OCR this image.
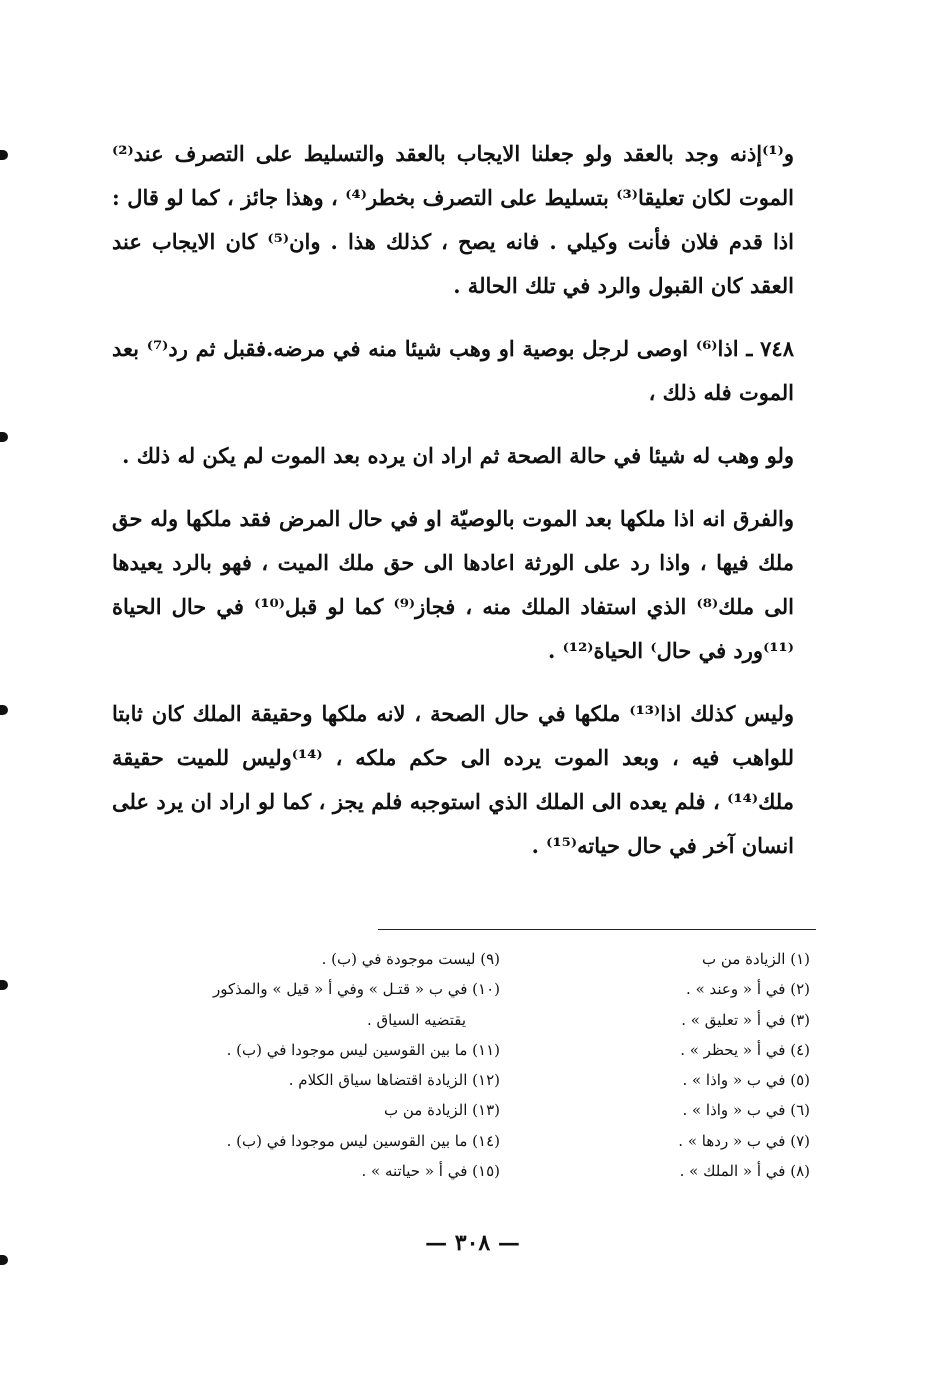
و⁽¹⁾إذنه وجد بالعقد ولو جعلنا الايجاب بالعقد والتسليط على التصرف عند⁽²⁾ الموت لكان تعليقا⁽³⁾ بتسليط على التصرف بخطر⁽⁴⁾ ، وهذا جائز ، كما لو قال : اذا قدم فلان فأنت وكيلي . فانه يصح ، كذلك هذا . وان⁽⁵⁾ كان الايجاب عند العقد كان القبول والرد في تلك الحالة .

٧٤٨ ـ اذا⁽⁶⁾ اوصى لرجل بوصية او وهب شيئا منه في مرضه.فقبل ثم رد⁽⁷⁾ بعد الموت فله ذلك ،

ولو وهب له شيئا في حالة الصحة ثم اراد ان يرده بعد الموت لم يكن له ذلك .

والفرق انه اذا ملكها بعد الموت بالوصيّة او في حال المرض فقد ملكها وله حق ملك فيها ، واذا رد على الورثة اعادها الى حق ملك الميت ، فهو بالرد يعيدها الى ملك⁽⁸⁾ الذي استفاد الملك منه ، فجاز⁽⁹⁾ كما لو قبل⁽¹⁰⁾ في حال الحياة ⁽¹¹⁾ورد في حال⁾ الحياة⁽¹²⁾ .

وليس كذلك اذا⁽¹³⁾ ملكها في حال الصحة ، لانه ملكها وحقيقة الملك كان ثابتا للواهب فيه ، وبعد الموت يرده الى حكم ملكه ، ⁽¹⁴⁾وليس للميت حقيقة ملك⁽¹⁴⁾ ، فلم يعده الى الملك الذي استوجبه فلم يجز ، كما لو اراد ان يرد على انسان آخر في حال حياته⁽¹⁵⁾ .

(١) الزيادة من ب

(٢) في أ « وعند » .

(٣) في أ « تعليق » .

(٤) في أ « يحظر » .

(٥) في ب « واذا » .

(٦) في ب « واذا » .

(٧) في ب « ردها » .

(٨) في أ « الملك » .

(٩) ليست موجودة في (ب) .

(١٠) في ب « قتـل » وفي أ « قيل » والمذكور

يقتضيه السياق .

(١١) ما بين القوسين ليس موجودا في (ب) .

(١٢) الزيادة اقتضاها سياق الكلام .

(١٣) الزيادة من ب

(١٤) ما بين القوسين ليس موجودا في (ب) .

(١٥) في أ « حياتنه » .

— ٣٠٨ —
